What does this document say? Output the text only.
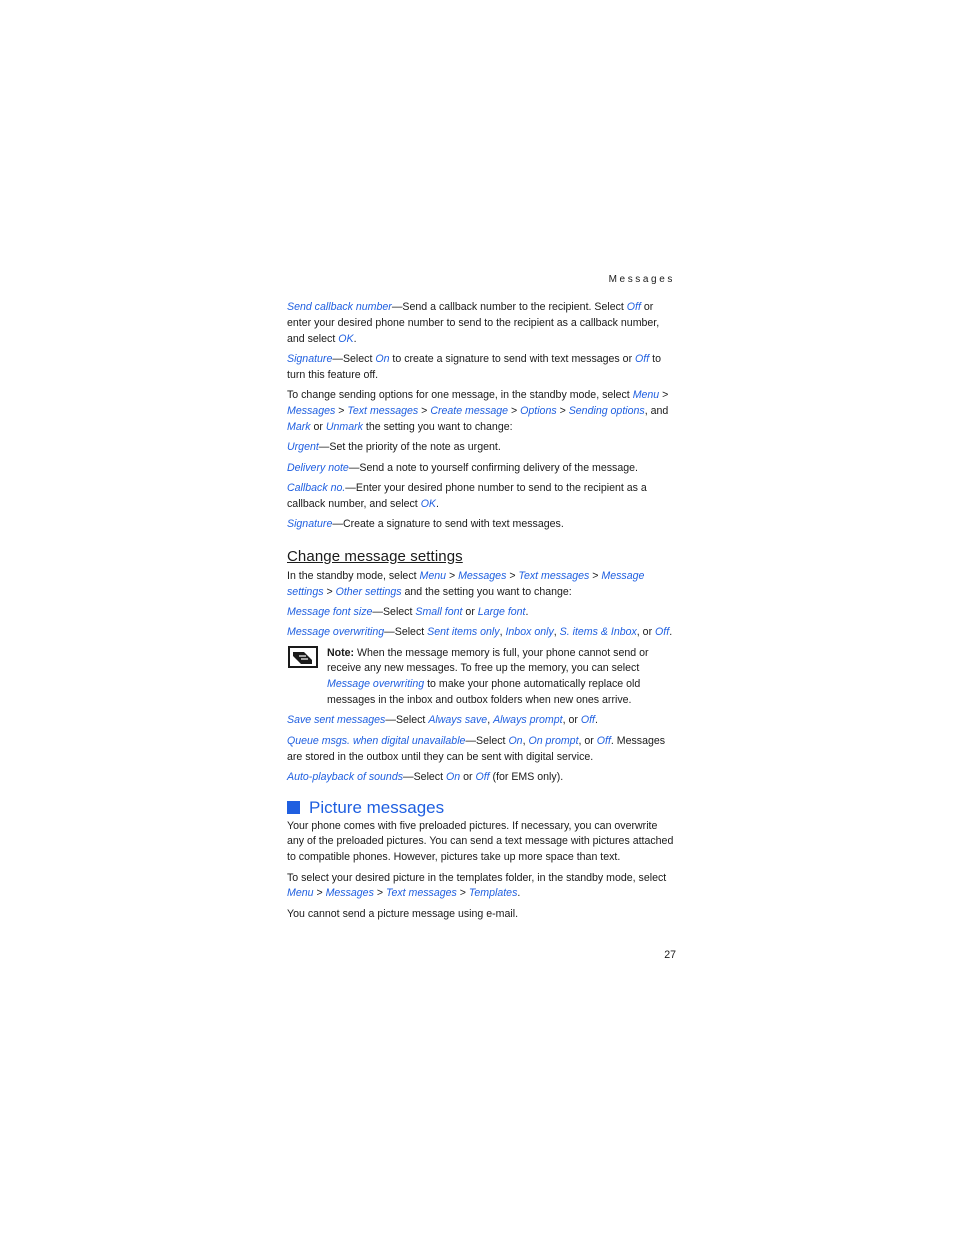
Messages

Send callback number—Send a callback number to the recipient. Select Off or enter your desired phone number to send to the recipient as a callback number, and select OK.

Signature—Select On to create a signature to send with text messages or Off to turn this feature off.

To change sending options for one message, in the standby mode, select Menu > Messages > Text messages > Create message > Options > Sending options, and Mark or Unmark the setting you want to change:

Urgent—Set the priority of the note as urgent.

Delivery note—Send a note to yourself confirming delivery of the message.

Callback no.—Enter your desired phone number to send to the recipient as a callback number, and select OK.

Signature—Create a signature to send with text messages.

Change message settings

In the standby mode, select Menu > Messages > Text messages > Message settings > Other settings and the setting you want to change:

Message font size—Select Small font or Large font.

Message overwriting—Select Sent items only, Inbox only, S. items & Inbox, or Off.

Note: When the message memory is full, your phone cannot send or receive any new messages. To free up the memory, you can select Message overwriting to make your phone automatically replace old messages in the inbox and outbox folders when new ones arrive.

Save sent messages—Select Always save, Always prompt, or Off.

Queue msgs. when digital unavailable—Select On, On prompt, or Off. Messages are stored in the outbox until they can be sent with digital service.

Auto-playback of sounds—Select On or Off (for EMS only).

Picture messages

Your phone comes with five preloaded pictures. If necessary, you can overwrite any of the preloaded pictures. You can send a text message with pictures attached to compatible phones. However, pictures take up more space than text.

To select your desired picture in the templates folder, in the standby mode, select Menu > Messages > Text messages > Templates.

You cannot send a picture message using e-mail.

27
